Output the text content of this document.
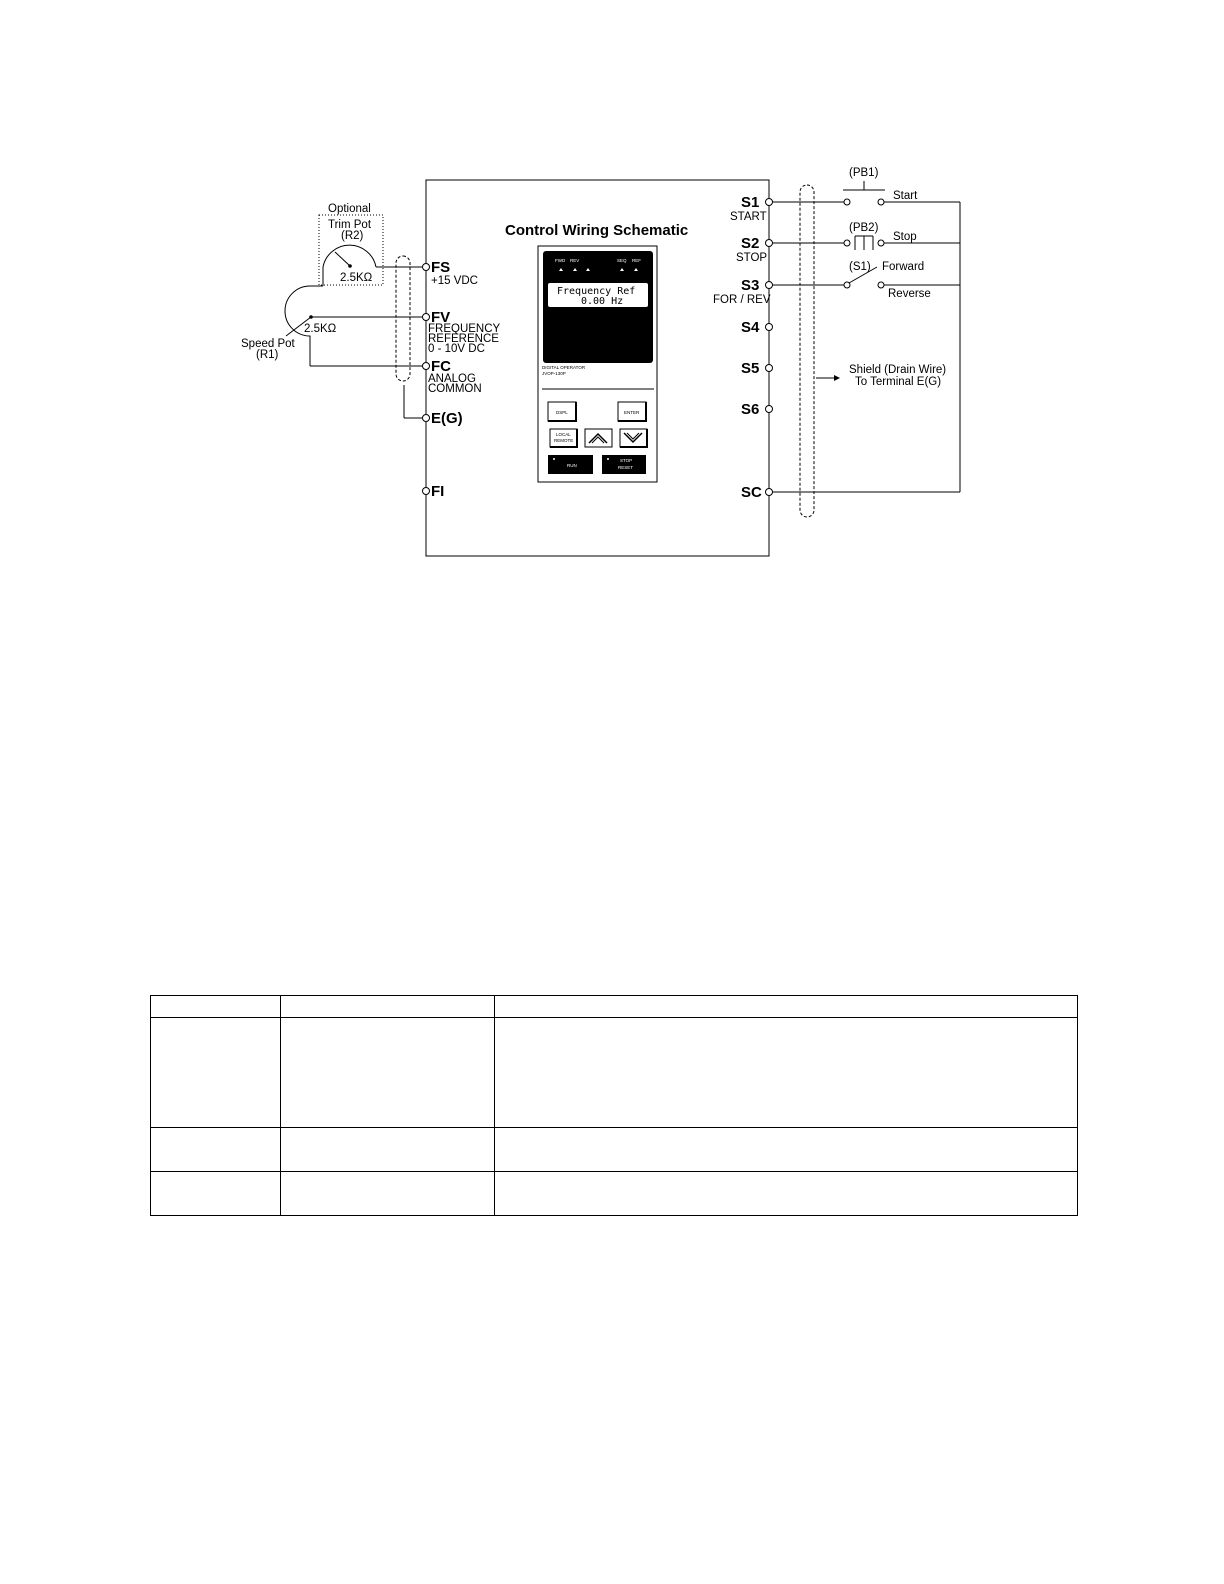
Control Wiring Schematic
FS
+15 VDC
FV
FREQUENCY
REFERENCE
0 - 10V DC
FC
ANALOG
COMMON
E(G)
FI
Optional
Trim Pot
(R2)
2.5KΩ
2.5KΩ
Speed Pot
(R1)
S1
START
S2
STOP
S3
FOR / REV
S4
S5
S6
SC
(PB1)
Start
(PB2)
Stop
(S1) Forward
Reverse
Shield (Drain Wire)
To Terminal E(G)
FWD REV	SEQ REF
Frequency Ref
0.00 Hz
DIGITAL OPERATOR
JVOP-130P
DSPL	ENTER
LOCAL
REMOTE
RUN
STOP
RESET
